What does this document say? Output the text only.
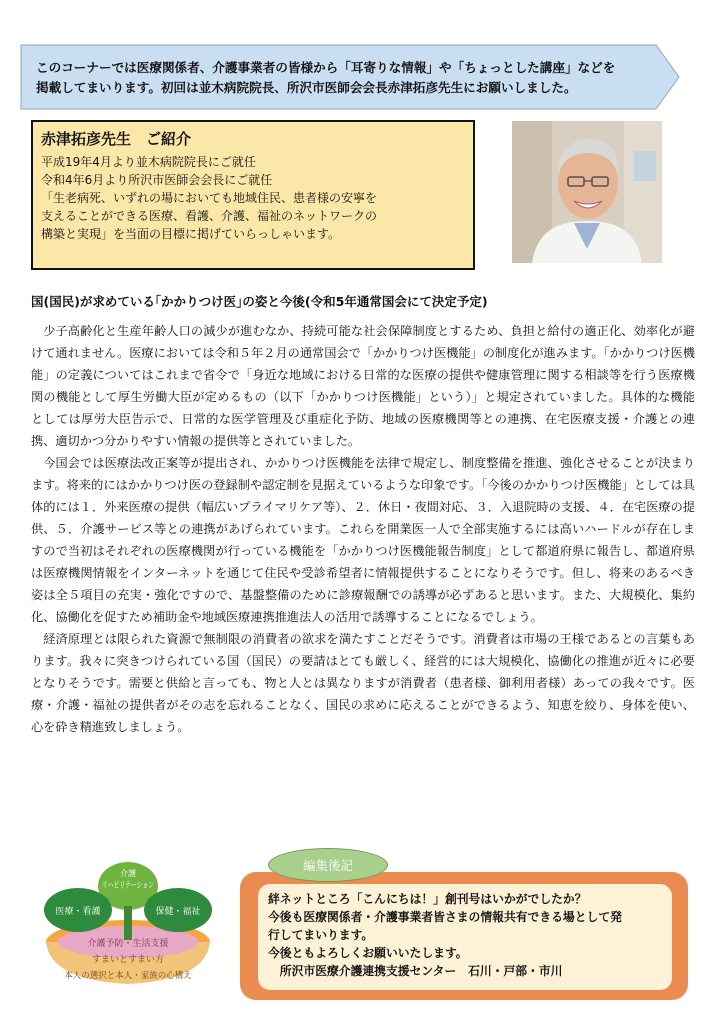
このコーナーでは医療関係者、介護事業者の皆様から「耳寄りな情報」や「ちょっとした講座」などを
掲載してまいります。初回は並木病院院長、所沢市医師会会長赤津拓彦先生にお願いしました。
赤津拓彦先生　ご紹介

平成19年4月より並木病院院長にご就任

令和4年6月より所沢市医師会会長にご就任

「生老病死、いずれの場においても地域住民、患者様の安寧を

支えることができる医療、看護、介護、福祉のネットワークの

構築と実現」を当面の目標に掲げていらっしゃいます。

国(国民)が求めている｢かかりつけ医｣の姿と今後(令和5年通常国会にて決定予定)

少子高齢化と生産年齢人口の減少が進むなか、持続可能な社会保障制度とするため、負担と給付の適正化、効率化が避けて通れません。医療においては令和５年２月の通常国会で「かかりつけ医機能」の制度化が進みます。「かかりつけ医機能」の定義についてはこれまで省令で「身近な地域における日常的な医療の提供や健康管理に関する相談等を行う医療機関の機能として厚生労働大臣が定めるもの（以下「かかりつけ医機能」という）」と規定されていました。具体的な機能としては厚労大臣告示で、日常的な医学管理及び重症化予防、地域の医療機関等との連携、在宅医療支援・介護との連携、適切かつ分かりやすい情報の提供等とされていました。

今国会では医療法改正案等が提出され、かかりつけ医機能を法律で規定し、制度整備を推進、強化させることが決まります。将来的にはかかりつけ医の登録制や認定制を見据えているような印象です。「今後のかかりつけ医機能」としては具体的には１．外来医療の提供（幅広いプライマリケア等）、２．休日・夜間対応、３．入退院時の支援、４．在宅医療の提供、５．介護サービス等との連携があげられています。これらを開業医一人で全部実施するには高いハードルが存在しますので当初はそれぞれの医療機関が行っている機能を「かかりつけ医機能報告制度」として都道府県に報告し、都道府県は医療機関情報をインターネットを通じて住民や受診希望者に情報提供することになりそうです。但し、将来のあるべき姿は全５項目の充実・強化ですので、基盤整備のために診療報酬での誘導が必ずあると思います。また、大規模化、集約化、協働化を促すため補助金や地域医療連携推進法人の活用で誘導することになるでしょう。

経済原理とは限られた資源で無制限の消費者の欲求を満たすことだそうです。消費者は市場の王様であるとの言葉もあります。我々に突きつけられている国（国民）の要請はとても厳しく、経営的には大規模化、協働化の推進が近々に必要となりそうです。需要と供給と言っても、物と人とは異なりますが消費者（患者様、御利用者様）あっての我々です。医療・介護・福祉の提供者がその志を忘れることなく、国民の求めに応えることができるよう、知恵を絞り、身体を使い、心を砕き精進致しましょう。

介護
リハビリテーション
医療・看護	保健・福祉
介護予防・生活支援
すまいとすまい方
本人の選択と本人・家族の心構え
絆ネットところ「こんにちは！」創刊号はいかがでしたか？
今後も医療関係者・介護事業者皆さまの情報共有できる場として発
行してまいります。
今後ともよろしくお願いいたします。
　所沢市医療介護連携支援センター　石川・戸部・市川
編集後記
